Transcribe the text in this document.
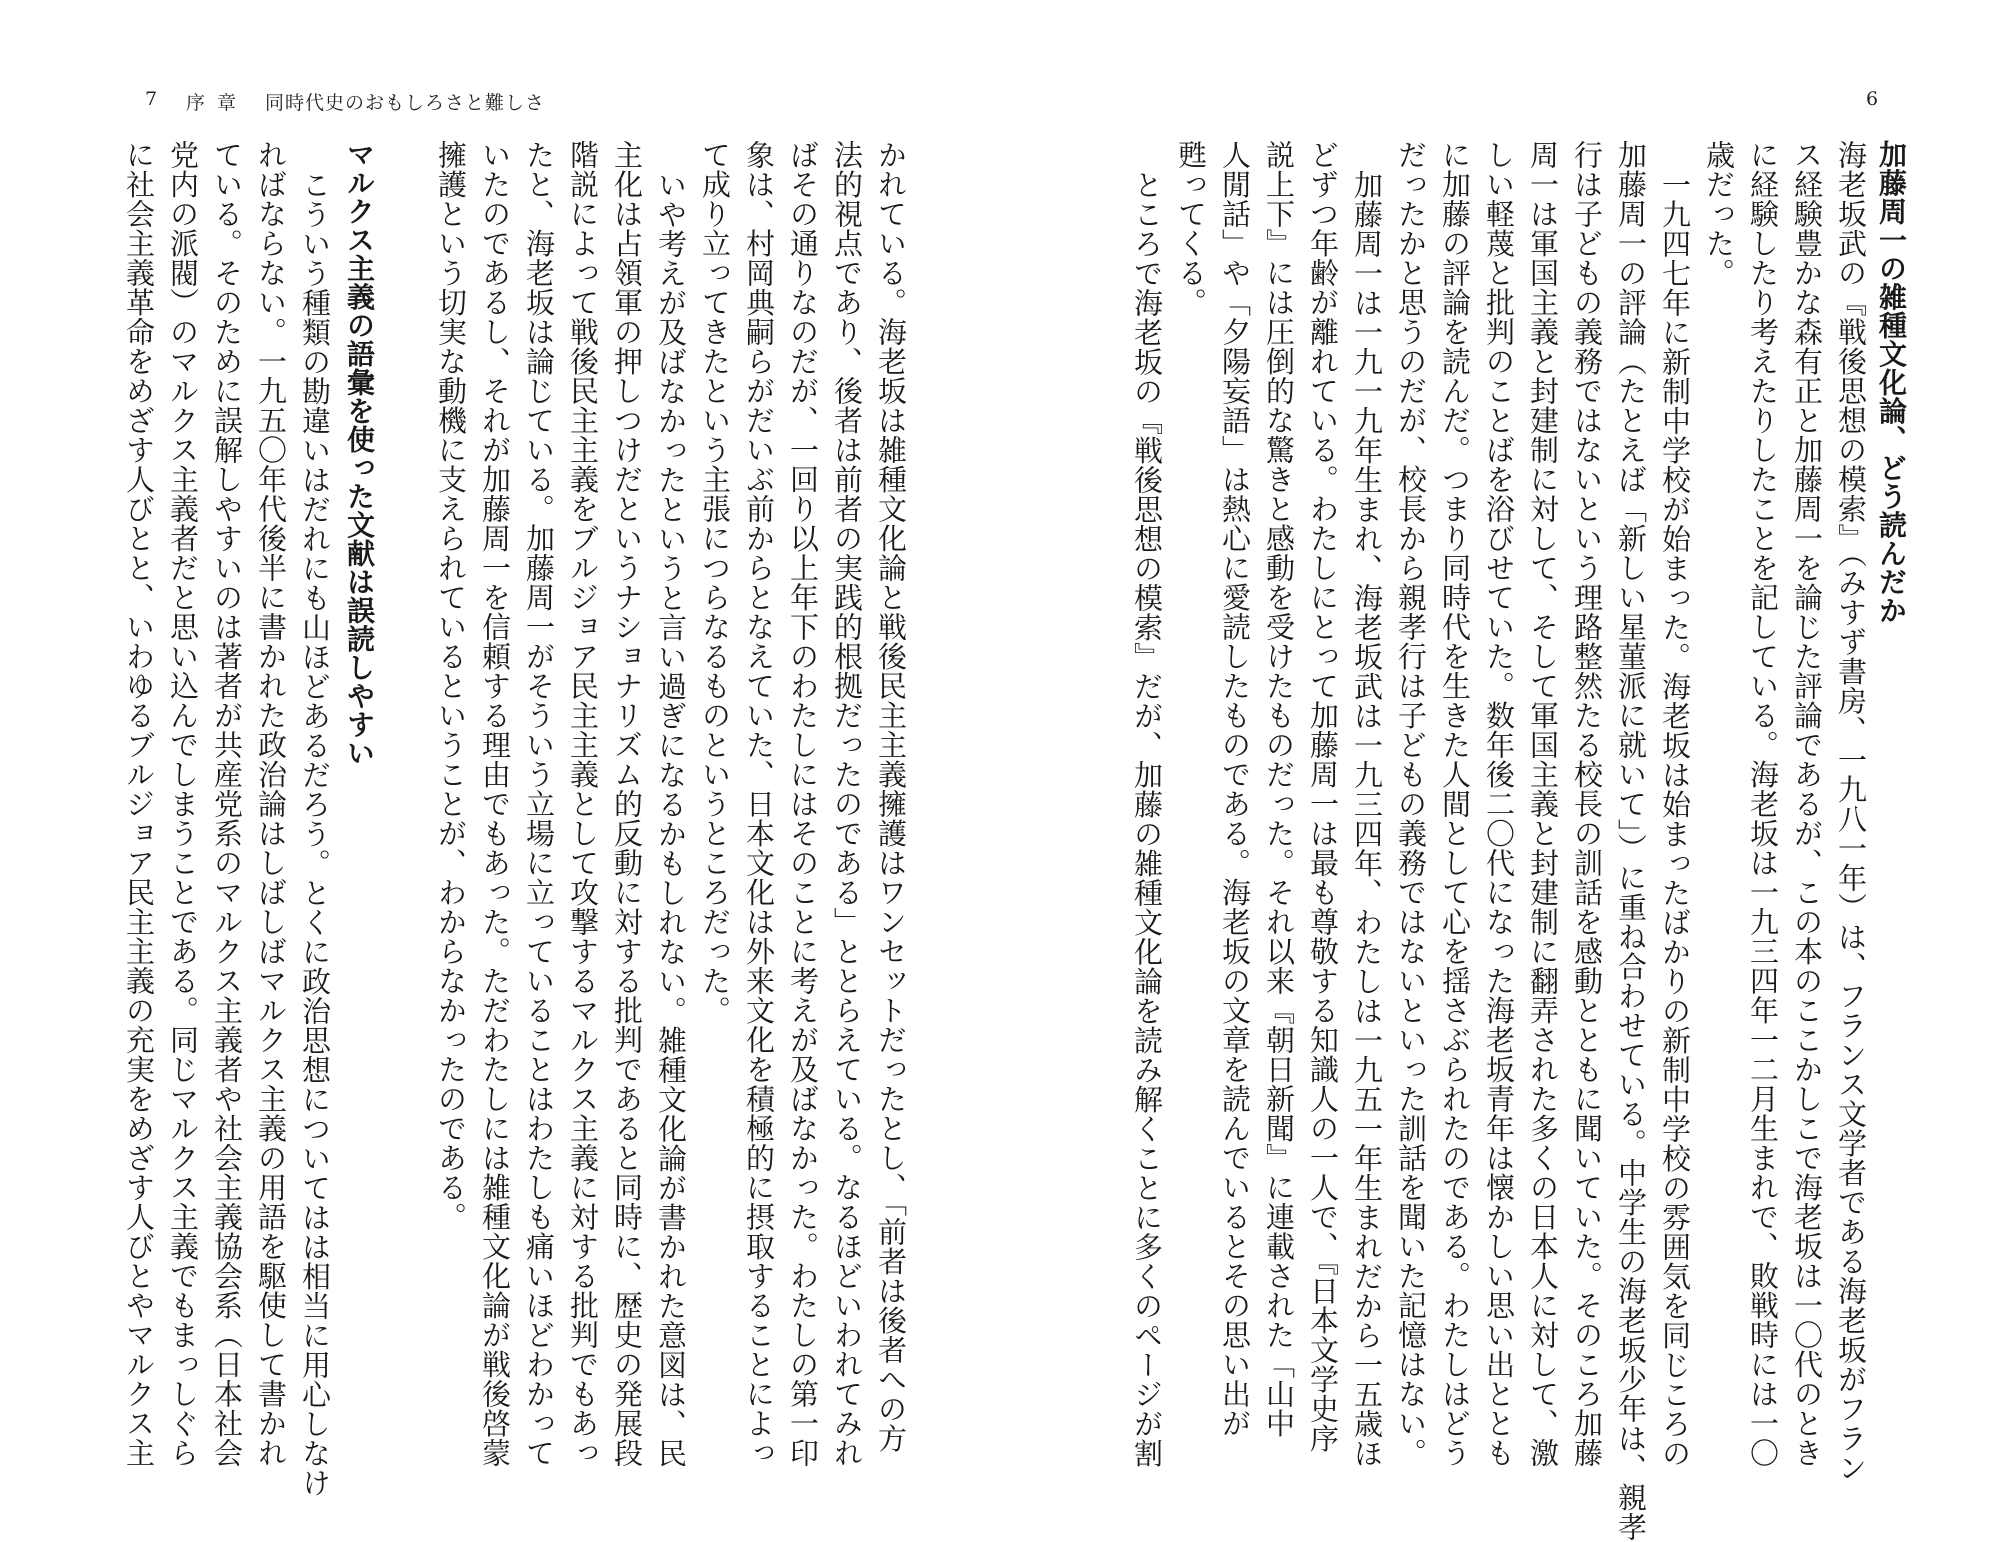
7 序章 同時代史のおもしろさと難しさ	6
加藤周一の雑種文化論、どう読んだか
海老坂武の『戦後思想の模索』（みすず書房、一九八一年）は、フランス文学者である海老坂がフラン
ス経験豊かな森有正と加藤周一を論じた評論であるが、この本のここかしこで海老坂は一〇代のとき
に経験したり考えたりしたことを記している。海老坂は一九三四年一二月生まれで、敗戦時には一〇
歳だった。
一九四七年に新制中学校が始まった。海老坂は始まったばかりの新制中学校の雰囲気を同じころの
加藤周一の評論（たとえば「新しい星菫派に就いて」）に重ね合わせている。中学生の海老坂少年は、親孝
行は子どもの義務ではないという理路整然たる校長の訓話を感動とともに聞いていた。そのころ加藤
周一は軍国主義と封建制に対して、そして軍国主義と封建制に翻弄された多くの日本人に対して、激
しい軽蔑と批判のことばを浴びせていた。数年後二〇代になった海老坂青年は懐かしい思い出ととも
に加藤の評論を読んだ。つまり同時代を生きた人間として心を揺さぶられたのである。わたしはどう
だったかと思うのだが、校長から親孝行は子どもの義務ではないといった訓話を聞いた記憶はない。
加藤周一は一九一九年生まれ、海老坂武は一九三四年、わたしは一九五一年生まれだから一五歳ほ
どずつ年齢が離れている。わたしにとって加藤周一は最も尊敬する知識人の一人で、『日本文学史序
説上下』には圧倒的な驚きと感動を受けたものだった。それ以来『朝日新聞』に連載された「山中
人閒話」や「夕陽妄語」は熱心に愛読したものである。海老坂の文章を読んでいるとその思い出が
甦ってくる。
ところで海老坂の『戦後思想の模索』だが、加藤の雑種文化論を読み解くことに多くのページが割
かれている。海老坂は雑種文化論と戦後民主主義擁護はワンセットだったとし、「前者は後者への方
法的視点であり、後者は前者の実践的根拠だったのである」ととらえている。なるほどいわれてみれ
ばその通りなのだが、一回り以上年下のわたしにはそのことに考えが及ばなかった。わたしの第一印
象は、村岡典嗣らがだいぶ前からとなえていた、日本文化は外来文化を積極的に摂取することによっ
て成り立ってきたという主張につらなるものというところだった。
いや考えが及ばなかったというと言い過ぎになるかもしれない。雑種文化論が書かれた意図は、民
主化は占領軍の押しつけだというナショナリズム的反動に対する批判であると同時に、歴史の発展段
階説によって戦後民主主義をブルジョア民主主義として攻撃するマルクス主義に対する批判でもあっ
たと、海老坂は論じている。加藤周一がそういう立場に立っていることはわたしも痛いほどわかって
いたのであるし、それが加藤周一を信頼する理由でもあった。ただわたしには雑種文化論が戦後啓蒙
擁護という切実な動機に支えられているということが、わからなかったのである。
マルクス主義の語彙を使った文献は誤読しやすい
こういう種類の勘違いはだれにも山ほどあるだろう。とくに政治思想についてはは相当に用心しなけ
ればならない。一九五〇年代後半に書かれた政治論はしばしばマルクス主義の用語を駆使して書かれ
ている。そのために誤解しやすいのは著者が共産党系のマルクス主義者や社会主義協会系（日本社会
党内の派閥）のマルクス主義者だと思い込んでしまうことである。同じマルクス主義でもまっしぐら
に社会主義革命をめざす人びとと、いわゆるブルジョア民主主義の充実をめざす人びとやマルクス主
